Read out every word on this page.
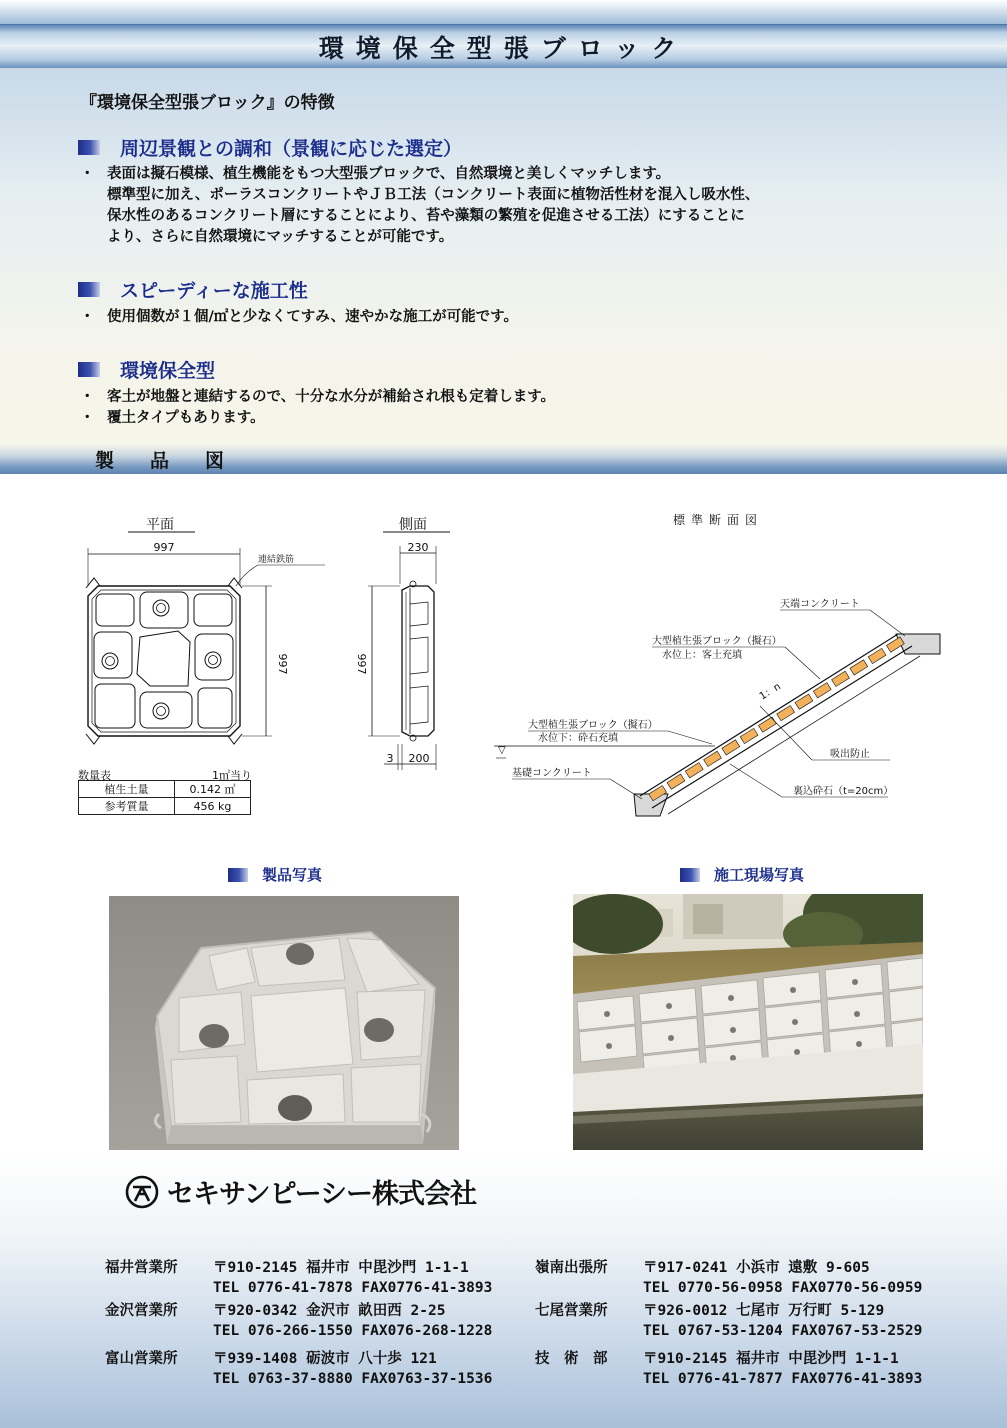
環境保全型張ブロック
『環境保全型張ブロック』の特徴
周辺景観との調和（景観に応じた選定）
・ 表面は擬石模様、植生機能をもつ大型張ブロックで、自然環境と美しくマッチします。
標準型に加え、ポーラスコンクリートやＪＢ工法（コンクリート表面に植物活性材を混入し吸水性、
保水性のあるコンクリート層にすることにより、苔や藻類の繁殖を促進させる工法）にすることに
より、さらに自然環境にマッチすることが可能です。
スピーディーな施工性
・ 使用個数が１個/㎡と少なくてすみ、速やかな施工が可能です。
環境保全型
・ 客土が地盤と連結するので、十分な水分が補給され根も定着します。
・ 覆土タイプもあります。
製品図
平面
997
連結鉄筋
997
側面
230
997
3 200
標準断面図
▽
天端コンクリート
大型植生張ブロック（擬石）
水位上：客土充填
大型植生張ブロック（擬石）
水位下：砕石充填
1：n
吸出防止
基礎コンクリート
裏込砕石（t=20cm）
数量表	1㎡当り
植生土量	0.142 ㎥
参考質量	456 kg
製品写真	施工現場写真
セキサンピーシー株式会社
福井営業所 〒910-2145 福井市 中毘沙門 1-1-1
TEL 0776-41-7878 FAX0776-41-3893
金沢営業所 〒920-0342 金沢市 畝田西 2-25
TEL 076-266-1550 FAX076-268-1228
富山営業所 〒939-1408 砺波市 八十歩 121
TEL 0763-37-8880 FAX0763-37-1536
嶺南出張所 〒917-0241 小浜市 遠敷 9-605
TEL 0770-56-0958 FAX0770-56-0959
七尾営業所 〒926-0012 七尾市 万行町 5-129
TEL 0767-53-1204 FAX0767-53-2529
技　術　部 〒910-2145 福井市 中毘沙門 1-1-1
TEL 0776-41-7877 FAX0776-41-3893
